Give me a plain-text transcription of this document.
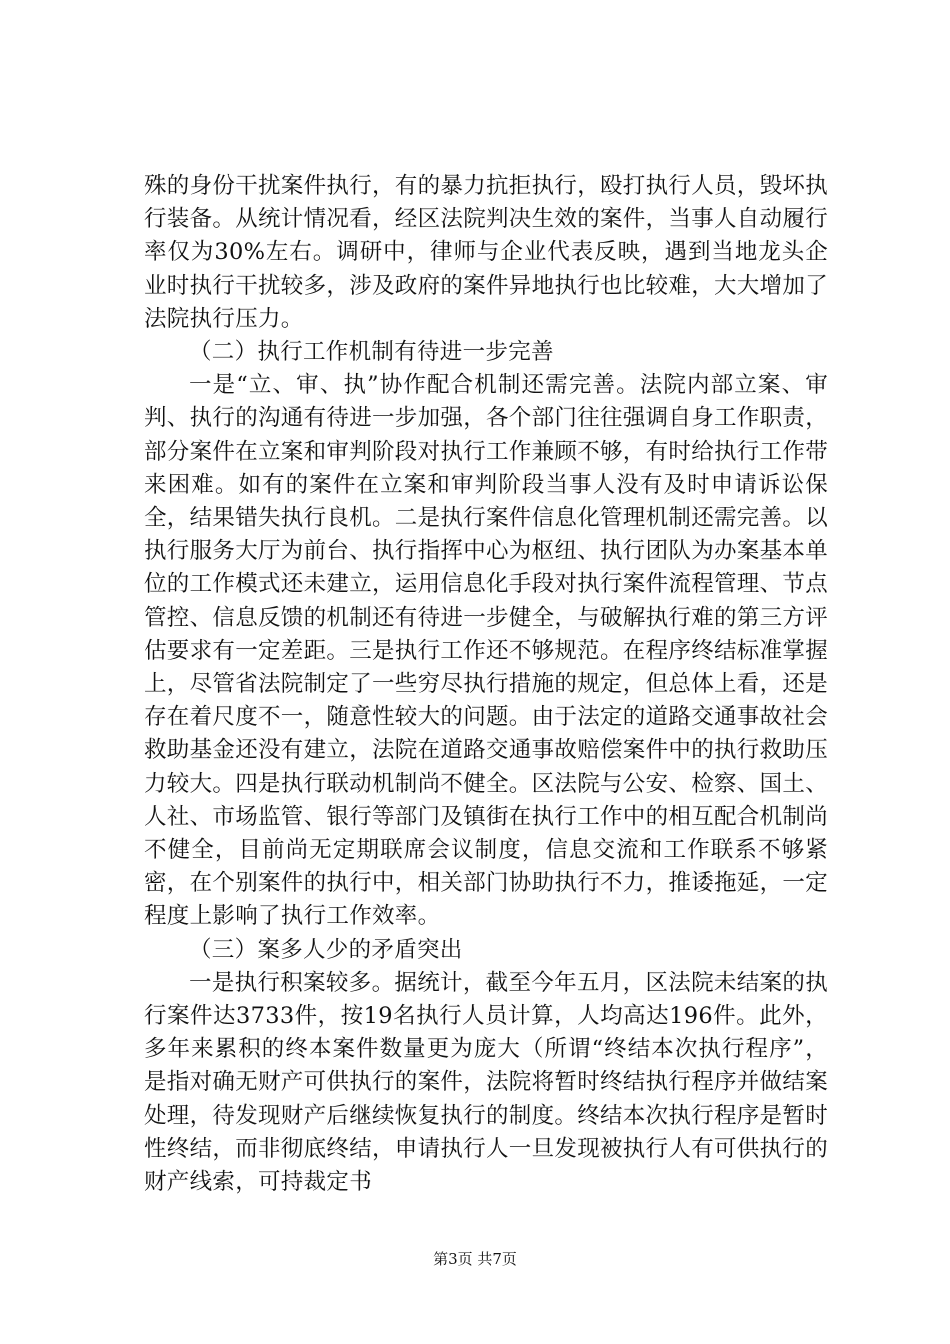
殊的身份干扰案件执行，有的暴力抗拒执行，殴打执行人员，毁坏执行装备。从统计情况看，经区法院判决生效的案件，当事人自动履行率仅为30%左右。调研中，律师与企业代表反映，遇到当地龙头企业时执行干扰较多，涉及政府的案件异地执行也比较难，大大增加了法院执行压力。

（二）执行工作机制有待进一步完善

一是“立、审、执”协作配合机制还需完善。法院内部立案、审判、执行的沟通有待进一步加强，各个部门往往强调自身工作职责，部分案件在立案和审判阶段对执行工作兼顾不够，有时给执行工作带来困难。如有的案件在立案和审判阶段当事人没有及时申请诉讼保全，结果错失执行良机。二是执行案件信息化管理机制还需完善。以执行服务大厅为前台、执行指挥中心为枢纽、执行团队为办案基本单位的工作模式还未建立，运用信息化手段对执行案件流程管理、节点管控、信息反馈的机制还有待进一步健全，与破解执行难的第三方评估要求有一定差距。三是执行工作还不够规范。在程序终结标准掌握上，尽管省法院制定了一些穷尽执行措施的规定，但总体上看，还是存在着尺度不一，随意性较大的问题。由于法定的道路交通事故社会救助基金还没有建立，法院在道路交通事故赔偿案件中的执行救助压力较大。四是执行联动机制尚不健全。区法院与公安、检察、国土、人社、市场监管、银行等部门及镇街在执行工作中的相互配合机制尚不健全，目前尚无定期联席会议制度，信息交流和工作联系不够紧密，在个别案件的执行中，相关部门协助执行不力，推诿拖延，一定程度上影响了执行工作效率。

（三）案多人少的矛盾突出

一是执行积案较多。据统计，截至今年五月，区法院未结案的执行案件达3733件，按19名执行人员计算，人均高达196件。此外，多年来累积的终本案件数量更为庞大（所谓“终结本次执行程序”，是指对确无财产可供执行的案件，法院将暂时终结执行程序并做结案处理，待发现财产后继续恢复执行的制度。终结本次执行程序是暂时性终结，而非彻底终结，申请执行人一旦发现被执行人有可供执行的财产线索，可持裁定书

第3页 共7页
